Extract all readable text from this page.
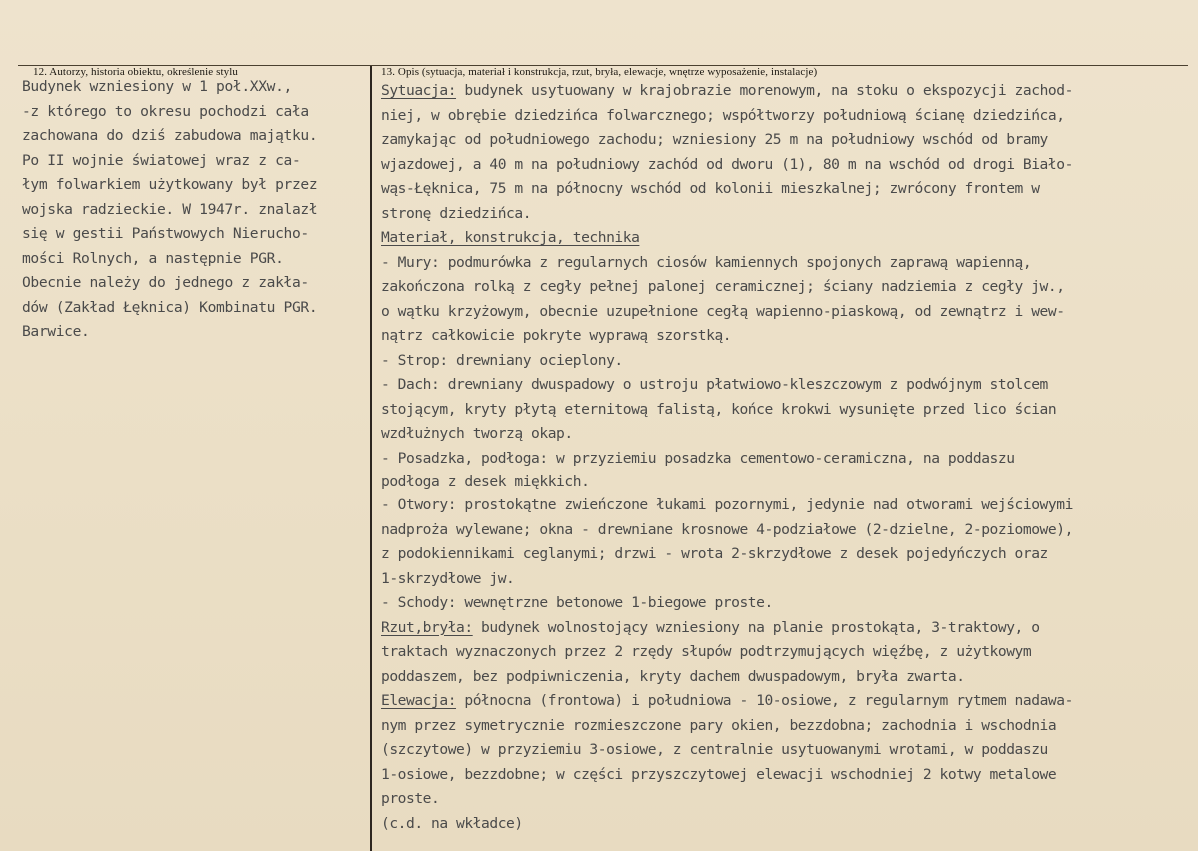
12. Autorzy, historia obiektu, określenie stylu	13. Opis (sytuacja, materiał i konstrukcja, rzut, bryła, elewacje, wnętrze wyposażenie, instalacje)
Budynek wzniesiony w 1 poł.XXw.,
-z którego to okresu pochodzi cała
zachowana do dziś zabudowa majątku.
Po II wojnie światowej wraz z ca-
łym folwarkiem użytkowany był przez
wojska radzieckie. W 1947r. znalazł
się w gestii Państwowych Nierucho-
mości Rolnych, a następnie PGR.
Obecnie należy do jednego z zakła-
dów (Zakład Łęknica) Kombinatu PGR.
Barwice.
Sytuacja: budynek usytuowany w krajobrazie morenowym, na stoku o ekspozycji zachod-
niej, w obrębie dziedzińca folwarcznego; współtworzy południową ścianę dziedzińca,
zamykając od południowego zachodu; wzniesiony 25 m na południowy wschód od bramy
wjazdowej, a 40 m na południowy zachód od dworu (1), 80 m na wschód od drogi Biało-
wąs-Łęknica, 75 m na północny wschód od kolonii mieszkalnej; zwrócony frontem w
stronę dziedzińca.
Materiał, konstrukcja, technika
- Mury: podmurówka z regularnych ciosów kamiennych spojonych zaprawą wapienną,
zakończona rolką z cegły pełnej palonej ceramicznej; ściany nadziemia z cegły jw.,
o wątku krzyżowym, obecnie uzupełnione cegłą wapienno-piaskową, od zewnątrz i wew-
nątrz całkowicie pokryte wyprawą szorstką.
- Strop: drewniany ocieplony.
- Dach: drewniany dwuspadowy o ustroju płatwiowo-kleszczowym z podwójnym stolcem
stojącym, kryty płytą eternitową falistą, końce krokwi wysunięte przed lico ścian
wzdłużnych tworzą okap.
- Posadzka, podłoga: w przyziemiu posadzka cementowo-ceramiczna, na poddaszu
podłoga z desek miękkich.
- Otwory: prostokątne zwieńczone łukami pozornymi, jedynie nad otworami wejściowymi
nadproża wylewane; okna - drewniane krosnowe 4-podziałowe (2-dzielne, 2-poziomowe),
z podokiennikami ceglanymi; drzwi - wrota 2-skrzydłowe z desek pojedyńczych oraz
1-skrzydłowe jw.
- Schody: wewnętrzne betonowe 1-biegowe proste.
Rzut,bryła: budynek wolnostojący wzniesiony na planie prostokąta, 3-traktowy, o
traktach wyznaczonych przez 2 rzędy słupów podtrzymujących więźbę, z użytkowym
poddaszem, bez podpiwniczenia, kryty dachem dwuspadowym, bryła zwarta.
Elewacja: północna (frontowa) i południowa - 10-osiowe, z regularnym rytmem nadawa-
nym przez symetrycznie rozmieszczone pary okien, bezzdobna; zachodnia i wschodnia
(szczytowe) w przyziemiu 3-osiowe, z centralnie usytuowanymi wrotami, w poddaszu
1-osiowe, bezzdobne; w części przyszczytowej elewacji wschodniej 2 kotwy metalowe
proste.
(c.d. na wkładce)
